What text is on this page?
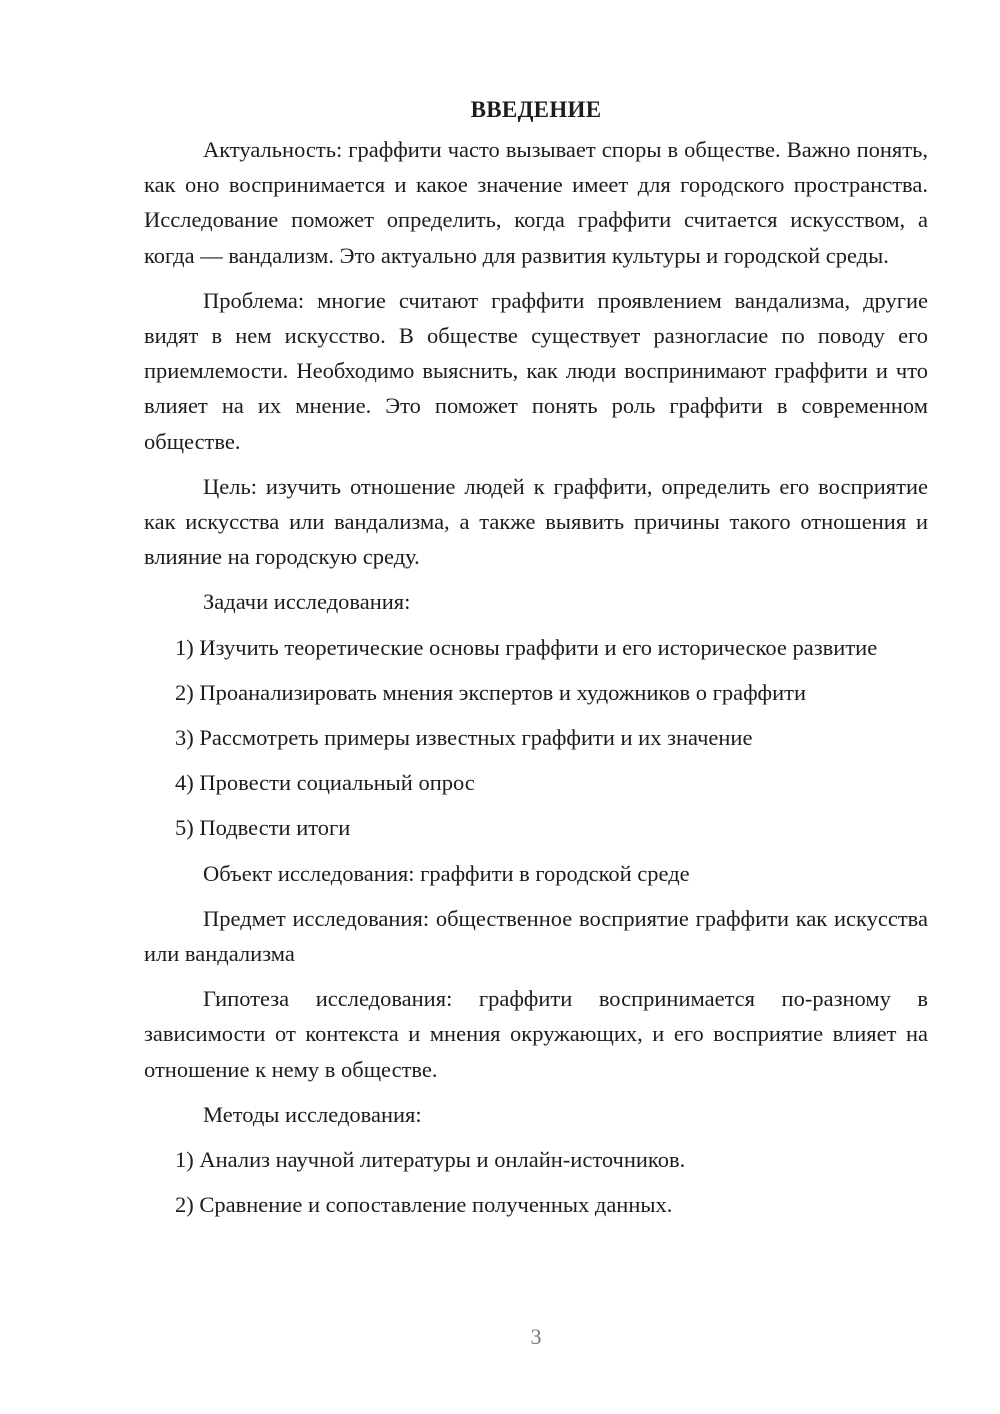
ВВЕДЕНИЕ

Актуальность: граффити часто вызывает споры в обществе. Важно понять, как оно воспринимается и какое значение имеет для городского пространства. Исследование поможет определить, когда граффити считается искусством, а когда — вандализм. Это актуально для развития культуры и городской среды.

Проблема: многие считают граффити проявлением вандализма, другие видят в нем искусство. В обществе существует разногласие по поводу его приемлемости. Необходимо выяснить, как люди воспринимают граффити и что влияет на их мнение. Это поможет понять роль граффити в современном обществе.

Цель: изучить отношение людей к граффити, определить его восприятие как искусства или вандализма, а также выявить причины такого отношения и влияние на городскую среду.

Задачи исследования:

1) Изучить теоретические основы граффити и его историческое развитие

2) Проанализировать мнения экспертов и художников о граффити

3) Рассмотреть примеры известных граффити и их значение

4) Провести социальный опрос

5) Подвести итоги

Объект исследования: граффити в городской среде

Предмет исследования: общественное восприятие граффити как искусства или вандализма

Гипотеза исследования: граффити воспринимается по-разному в зависимости от контекста и мнения окружающих, и его восприятие влияет на отношение к нему в обществе.

Методы исследования:

1) Анализ научной литературы и онлайн-источников.

2) Сравнение и сопоставление полученных данных.

3
